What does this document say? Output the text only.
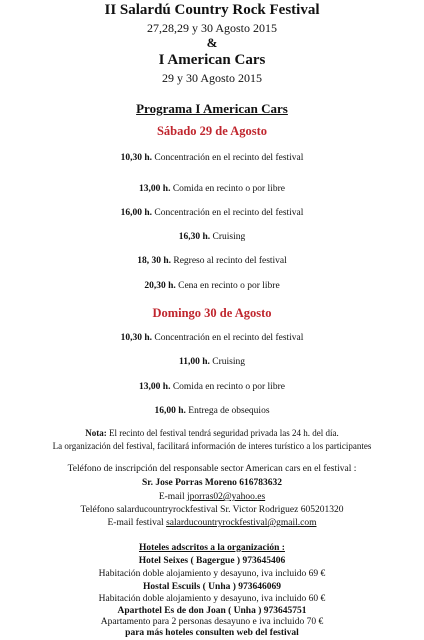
II Salardú Country Rock Festival
27,28,29 y 30 Agosto 2015
&
I American Cars
29 y 30 Agosto 2015
Programa I American Cars
Sábado 29 de Agosto
10,30 h. Concentración en el recinto del festival
13,00 h. Comida en recinto o por libre
16,00 h. Concentración en el recinto del festival
16,30 h. Cruising
18, 30 h. Regreso al recinto del festival
20,30 h. Cena en recinto o por libre
Domingo 30 de Agosto
10,30 h. Concentración en el recinto del festival
11,00 h. Cruising
13,00 h. Comida en recinto o por libre
16,00 h. Entrega de obsequios
Nota: El recinto del festival tendrá seguridad privada las 24 h. del día.
La organización del festival, facilitará información de interes turístico a los participantes
Teléfono de inscripción del responsable sector American cars en el festival :
Sr. Jose Porras Moreno 616783632
E-mail jporras02@yahoo.es
Teléfono salarducountryrockfestival Sr. Victor Rodriguez 605201320
E-mail festival salarducountryrockfestival@gmail.com
Hoteles adscritos a la organización :
Hotel Seixes ( Bagergue ) 973645406
Habitación doble alojamiento y desayuno, iva incluido 69 €
Hostal Escuils ( Unha ) 973646069
Habitación doble alojamiento y desayuno, iva incluido 60 €
Aparthotel Es de don Joan ( Unha ) 973645751
Apartamento para 2 personas desayuno e iva incluido 70 €
para más hoteles consulten web del festival
